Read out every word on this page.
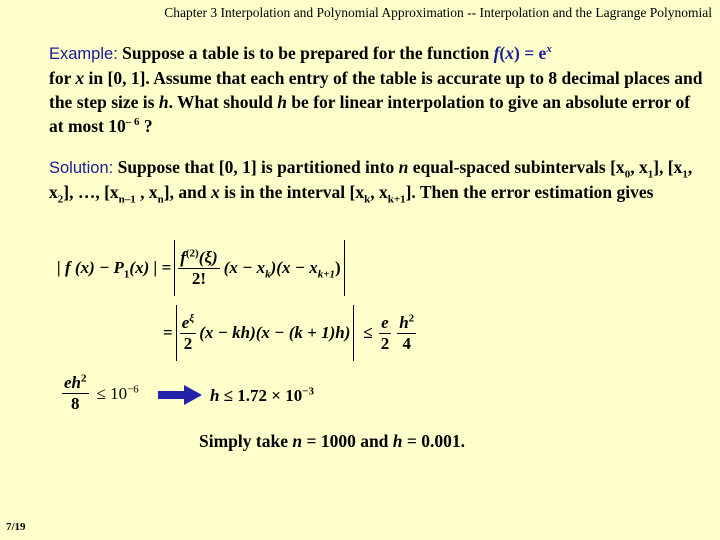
Chapter 3 Interpolation and Polynomial Approximation -- Interpolation and the Lagrange Polynomial
Example: Suppose a table is to be prepared for the function $f(x) = e^x$
for x in [0, 1]. Assume that each entry of the table is accurate up to 8 decimal places and the step size is h. What should h be for linear interpolation to give an absolute error of at most $10^{- 6}$ ?
Solution: Suppose that [0, 1] is partitioned into n equal-spaced subintervals [$x_0$, $x_1$], [$x_1$, $x_2$], …, [$x_{n-1}$ , $x_n$], and x is in the interval [$x_k$, $x_{k+1}$]. Then the error estimation gives
| f $(x) - P_1(x)$ | = $\frac{f^{(2)}(\xi)}{2!} (x - x_k)(x - x_{k+1})$
= $\frac{e^\xi}{2} (x - kh)(x - (k + 1)h) \le \frac{e}{2} \frac{h^2}{4}$
$\frac{eh^2}{8} \le 10^{-6}$	$h \le 1.72 \times 10^{-3}$
Simply take n = 1000 and h = 0.001.
7/19
